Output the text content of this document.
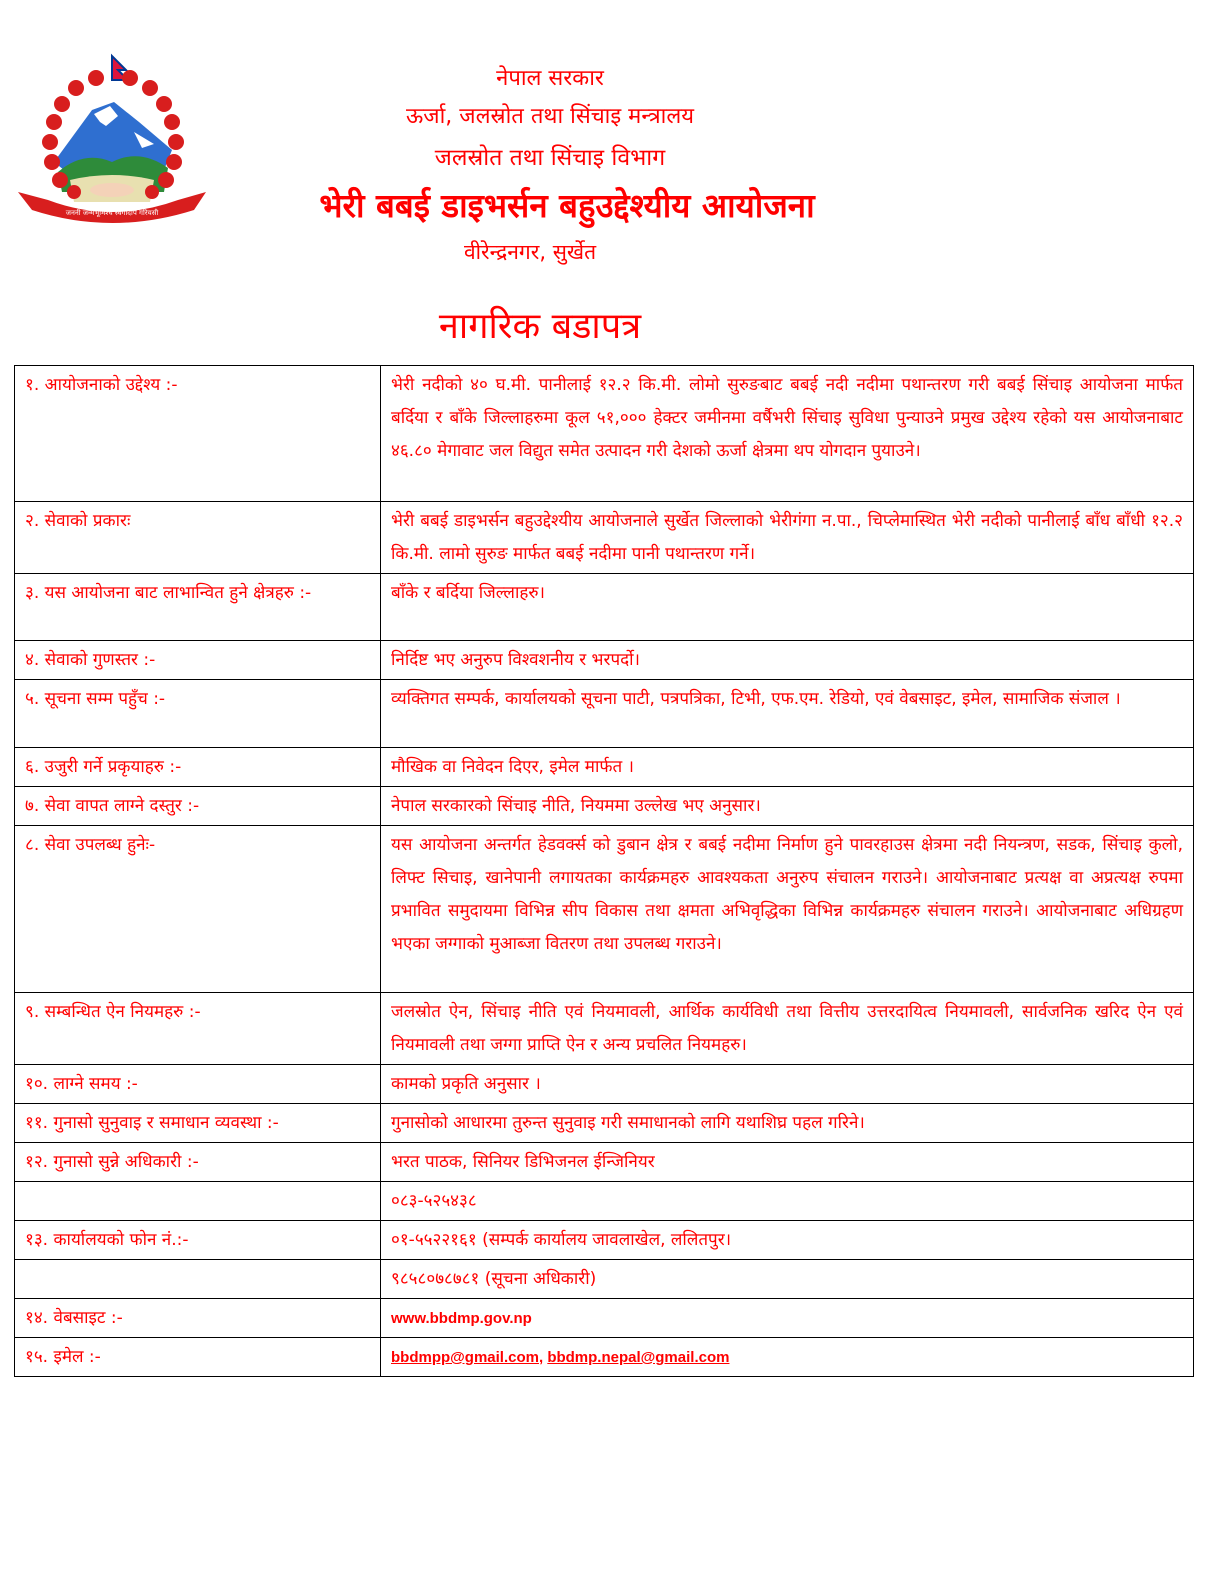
जननी जन्मभूमिश्च स्वर्गादपि गरियसी
नेपाल सरकार
ऊर्जा, जलस्रोत तथा सिंचाइ मन्त्रालय
जलस्रोत तथा सिंचाइ विभाग
भेरी बबई डाइभर्सन बहुउद्देश्यीय आयोजना
वीरेन्द्रनगर, सुर्खेत
नागरिक बडापत्र
१. आयोजनाको उद्देश्य :-	भेरी नदीको ४० घ.मी. पानीलाई १२.२ कि.मी. लोमो सुरुङबाट बबई नदी नदीमा पथान्तरण गरी बबई सिंचाइ आयोजना मार्फत बर्दिया र बाँके जिल्लाहरुमा कूल ५१,००० हेक्टर जमीनमा वर्षैभरी सिंचाइ सुविधा पुन्याउने प्रमुख उद्देश्य रहेको यस आयोजनाबाट ४६.८० मेगावाट जल विद्युत समेत उत्पादन गरी देशको ऊर्जा क्षेत्रमा थप योगदान पुयाउने।
२. सेवाको प्रकारः	भेरी बबई डाइभर्सन बहुउद्देश्यीय आयोजनाले सुर्खेत जिल्लाको भेरीगंगा न.पा., चिप्लेमास्थित भेरी नदीको पानीलाई बाँध बाँधी १२.२ कि.मी. लामो सुरुङ मार्फत बबई नदीमा पानी पथान्तरण गर्ने।
३. यस आयोजना बाट लाभान्वित हुने क्षेत्रहरु :-	बाँके र बर्दिया जिल्लाहरु।
४. सेवाको गुणस्तर :-	निर्दिष्ट भए अनुरुप विश्वशनीय र भरपर्दो।
५. सूचना सम्म पहुँच :-	व्यक्तिगत सम्पर्क, कार्यालयको सूचना पाटी, पत्रपत्रिका, टिभी, एफ.एम. रेडियो, एवं वेबसाइट, इमेल, सामाजिक संजाल ।
६. उजुरी गर्ने प्रकृयाहरु :-	मौखिक वा निवेदन दिएर, इमेल मार्फत ।
७. सेवा वापत लाग्ने दस्तुर :-	नेपाल सरकारको सिंचाइ नीति, नियममा उल्लेख भए अनुसार।
८. सेवा उपलब्ध हुनेः-	यस आयोजना अन्तर्गत हेडवर्क्स को डुबान क्षेत्र र बबई नदीमा निर्माण हुने पावरहाउस क्षेत्रमा नदी नियन्त्रण, सडक, सिंचाइ कुलो, लिफ्ट सिचाइ, खानेपानी लगायतका कार्यक्रमहरु आवश्यकता अनुरुप संचालन गराउने। आयोजनाबाट प्रत्यक्ष वा अप्रत्यक्ष रुपमा प्रभावित समुदायमा विभिन्न सीप विकास तथा क्षमता अभिवृद्धिका विभिन्न कार्यक्रमहरु संचालन गराउने। आयोजनाबाट अधिग्रहण भएका जग्गाको मुआब्जा वितरण तथा उपलब्ध गराउने।
९. सम्बन्धित ऐन नियमहरु :-	जलस्रोत ऐन, सिंचाइ नीति एवं नियमावली, आर्थिक कार्यविधी तथा वित्तीय उत्तरदायित्व नियमावली, सार्वजनिक खरिद ऐन एवं नियमावली तथा जग्गा प्राप्ति ऐन र अन्य प्रचलित नियमहरु।
१०. लाग्ने समय :-	कामको प्रकृति अनुसार ।
११. गुनासो सुनुवाइ र समाधान व्यवस्था :-	गुनासोको आधारमा तुरुन्त सुनुवाइ गरी समाधानको लागि यथाशिघ्र पहल गरिने।
१२. गुनासो सुन्ने अधिकारी :-	भरत पाठक, सिनियर डिभिजनल ईन्जिनियर
	०८३-५२५४३८
१३. कार्यालयको फोन नं.:-	०१-५५२२१६१ (सम्पर्क कार्यालय जावलाखेल, ललितपुर।
	९८५८०७८७८१ (सूचना अधिकारी)
१४. वेबसाइट :-	www.bbdmp.gov.np
१५. इमेल :-	bbdmpp@gmail.com, bbdmp.nepal@gmail.com
